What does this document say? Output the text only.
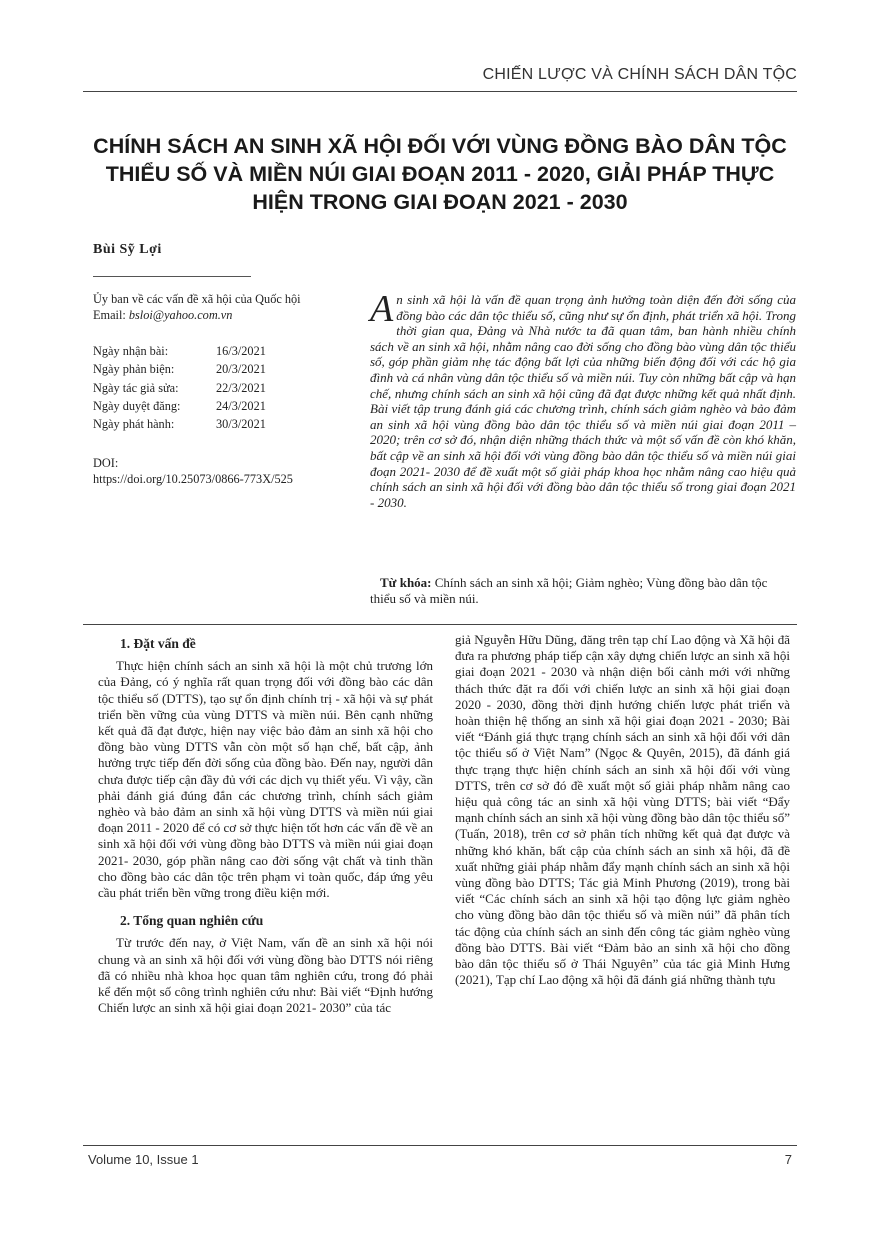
CHIẾN LƯỢC VÀ CHÍNH SÁCH DÂN TỘC
CHÍNH SÁCH AN SINH XÃ HỘI ĐỐI VỚI VÙNG ĐỒNG BÀO DÂN TỘC THIỂU SỐ VÀ MIỀN NÚI GIAI ĐOẠN 2011 - 2020, GIẢI PHÁP THỰC HIỆN TRONG GIAI ĐOẠN 2021 - 2030
Bùi Sỹ Lợi
Ủy ban về các vấn đề xã hội của Quốc hội
Email: bsloi@yahoo.com.vn
Ngày nhận bài:	16/3/2021
Ngày phản biện:	20/3/2021
Ngày tác giả sửa:	22/3/2021
Ngày duyệt đăng:	24/3/2021
Ngày phát hành:	30/3/2021
DOI:
https://doi.org/10.25073/0866-773X/525
An sinh xã hội là vấn đề quan trọng ảnh hưởng toàn diện đến đời sống của đồng bào các dân tộc thiểu số, cũng như sự ổn định, phát triển xã hội. Trong thời gian qua, Đảng và Nhà nước ta đã quan tâm, ban hành nhiều chính sách về an sinh xã hội, nhằm nâng cao đời sống cho đồng bào vùng dân tộc thiểu số, góp phần giảm nhẹ tác động bất lợi của những biến động đối với các hộ gia đình và cá nhân vùng dân tộc thiểu số và miền núi. Tuy còn những bất cập và hạn chế, nhưng chính sách an sinh xã hội cũng đã đạt được những kết quả nhất định. Bài viết tập trung đánh giá các chương trình, chính sách giảm nghèo và bảo đảm an sinh xã hội vùng đồng bào dân tộc thiểu số và miền núi giai đoạn 2011 – 2020; trên cơ sở đó, nhận diện những thách thức và một số vấn đề còn khó khăn, bất cập về an sinh xã hội đối với vùng đồng bào dân tộc thiểu số và miền núi giai đoạn 2021- 2030 để đề xuất một số giải pháp khoa học nhằm nâng cao hiệu quả chính sách an sinh xã hội đối với đồng bào dân tộc thiểu số trong giai đoạn 2021 - 2030.
Từ khóa: Chính sách an sinh xã hội; Giảm nghèo; Vùng đồng bào dân tộc thiểu số và miền núi.
1. Đặt vấn đề

Thực hiện chính sách an sinh xã hội là một chủ trương lớn của Đảng, có ý nghĩa rất quan trọng đối với đồng bào các dân tộc thiểu số (DTTS), tạo sự ổn định chính trị - xã hội và sự phát triển bền vững của vùng DTTS và miền núi. Bên cạnh những kết quả đã đạt được, hiện nay việc bảo đảm an sinh xã hội cho đồng bào vùng DTTS vẫn còn một số hạn chế, bất cập, ảnh hưởng trực tiếp đến đời sống của đồng bào. Đến nay, người dân chưa được tiếp cận đầy đủ với các dịch vụ thiết yếu. Vì vậy, cần phải đánh giá đúng đắn các chương trình, chính sách giảm nghèo và bảo đảm an sinh xã hội vùng DTTS và miền núi giai đoạn 2011 - 2020 để có cơ sở thực hiện tốt hơn các vấn đề về an sinh xã hội đối với vùng đồng bào DTTS và miền núi giai đoạn 2021- 2030, góp phần nâng cao đời sống vật chất và tinh thần cho đồng bào các dân tộc trên phạm vi toàn quốc, đáp ứng yêu cầu phát triển bền vững trong điều kiện mới.

2. Tổng quan nghiên cứu

Từ trước đến nay, ở Việt Nam, vấn đề an sinh xã hội nói chung và an sinh xã hội đối với vùng đồng bào DTTS nói riêng đã có nhiều nhà khoa học quan tâm nghiên cứu, trong đó phải kể đến một số công trình nghiên cứu như: Bài viết “Định hướng Chiến lược an sinh xã hội giai đoạn 2021- 2030” của tác

giả Nguyễn Hữu Dũng, đăng trên tạp chí Lao động và Xã hội đã đưa ra phương pháp tiếp cận xây dựng chiến lược an sinh xã hội giai đoạn 2021 - 2030 và nhận diện bối cảnh mới với những thách thức đặt ra đối với chiến lược an sinh xã hội giai đoạn 2020 - 2030, đồng thời định hướng chiến lược phát triển và hoàn thiện hệ thống an sinh xã hội giai đoạn 2021 - 2030; Bài viết “Đánh giá thực trạng chính sách an sinh xã hội đối với dân tộc thiểu số ở Việt Nam” (Ngọc & Quyên, 2015), đã đánh giá thực trạng thực hiện chính sách an sinh xã hội đối với vùng DTTS, trên cơ sở đó đề xuất một số giải pháp nhằm nâng cao hiệu quả công tác an sinh xã hội vùng DTTS; bài viết “Đẩy mạnh chính sách an sinh xã hội vùng đồng bào dân tộc thiểu số” (Tuấn, 2018), trên cơ sở phân tích những kết quả đạt được và những khó khăn, bất cập của chính sách an sinh xã hội, đã đề xuất những giải pháp nhằm đẩy mạnh chính sách an sinh xã hội vùng đồng bào DTTS; Tác giả Minh Phương (2019), trong bài viết “Các chính sách an sinh xã hội tạo động lực giảm nghèo cho vùng đồng bào dân tộc thiểu số và miền núi” đã phân tích tác động của chính sách an sinh đến công tác giảm nghèo vùng đồng bào DTTS. Bài viết “Đảm bảo an sinh xã hội cho đồng bào dân tộc thiểu số ở Thái Nguyên” của tác giả Minh Hưng (2021), Tạp chí Lao động xã hội đã đánh giá những thành tựu

Volume 10, Issue 1	7
